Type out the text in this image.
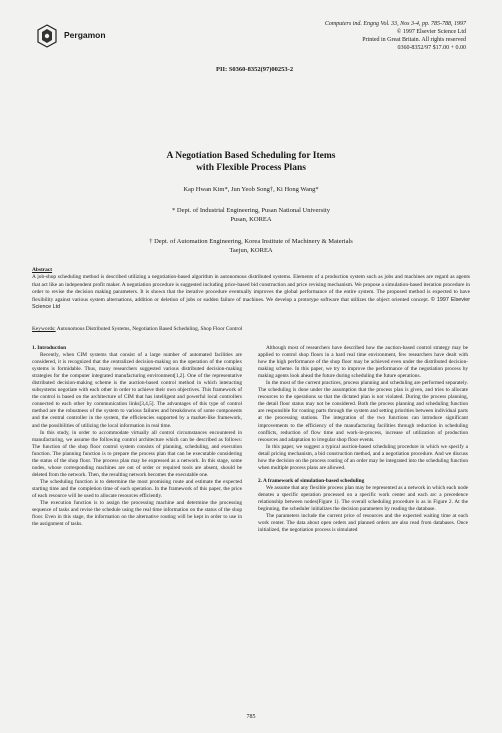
Pergamon
Computers ind. Engng Vol. 33, Nos 3-4, pp. 785-788, 1997
© 1997 Elsevier Science Ltd
Printed in Great Britain. All rights reserved
0360-8352/97 $17.00 + 0.00
PII: S0360-8352(97)00253-2
A Negotiation Based Scheduling for Items
with Flexible Process Plans
Kap Hwan Kim*, Jun Yeob Song†, Ki Hong Wang*
* Dept. of Industrial Engineering, Pusan National University
Pusan, KOREA
† Dept. of Automation Engineering, Korea Institute of Machinery & Materials
Taejun, KOREA
Abstract
A job-shop scheduling method is described utilizing a negotiation-based algorithm in autonomous distributed systems. Elements of a production system such as jobs and machines are regard as agents that act like an independent profit maker. A negotiation procedure is suggested including price-based bid construction and price revising mechanism. We propose a simulation-based iteration procedure in order to revise the decision making parameters. It is shown that the iterative procedure eventually improves the global performance of the entire system. The proposed method is expected to have flexibility against various system alternations, addition or deletion of jobs or sudden failure of machines. We develop a prototype software that utilizes the object oriented concept. © 1997 Elsevier Science Ltd
Keywords: Autonomous Distributed Systems, Negotiation Based Scheduling, Shop Floor Control

1. Introduction

Recently, when CIM systems that consist of a large number of automated facilities are considered, it is recognized that the centralized decision-making on the operation of the complex systems is formidable. Thus, many researchers suggested various distributed decision-making strategies for the computer integrated manufacturing environment[1,2]. One of the representative distributed decision-making scheme is the auction-based control method in which interacting subsystems negotiate with each other in order to achieve their own objectives. This framework of the control is based on the architecture of CIM that has intelligent and powerful local controllers connected to each other by communication links[3,4,5]. The advantages of this type of control method are the robustness of the system to various failures and breakdowns of some components and the central controller in the system, the efficiencies supported by a market-like framework, and the possibilities of utilizing the local information in real time.

In this study, in order to accommodate virtually all control circumstances encountered in manufacturing, we assume the following control architecture which can be described as follows: The function of the shop floor control system consists of planning, scheduling, and execution function. The planning function is to prepare the process plan that can be executable considering the status of the shop floor. The process plan may be expressed as a network. In this stage, some nodes, whose corresponding machines are out of order or required tools are absent, should be deleted from the network. Then, the resulting network becomes the executable one.

The scheduling function is to determine the most promising route and estimate the expected starting time and the completion time of each operation. In the framework of this paper, the price of each resource will be used to allocate resources efficiently.

The execution function is to assign the processing machine and determine the processing sequence of tasks and revise the schedule using the real time information on the status of the shop floor. Even in this stage, the information on the alternative routing will be kept in order to use in the assignment of tasks.

Although most of researchers have described how the auction-based control strategy may be applied to control shop floors in a hard real time environment, few researchers have dealt with how the high performance of the shop floor may be achieved even under the distributed decision-making scheme. In this paper, we try to improve the performance of the negotiation process by making agents look ahead the future during scheduling the future operations.

In the most of the current practices, process planning and scheduling are performed separately. The scheduling is done under the assumption that the process plan is given, and tries to allocate resources to the operations so that the dictated plan is not violated. During the process planning, the detail floor status may not be considered. Both the process planning and scheduling function are responsible for routing parts through the system and setting priorities between individual parts at the processing stations. The integration of the two functions can introduce significant improvements to the efficiency of the manufacturing facilities through reduction in scheduling conflicts, reduction of flow time and work-in-process, increase of utilization of production resources and adaptation to irregular shop floor events.

In this paper, we suggest a typical auction-based scheduling procedure in which we specify a detail pricing mechanism, a bid construction method, and a negotiation procedure. And we discuss how the decision on the process routing of an order may be integrated into the scheduling function when multiple process plans are allowed.

2. A framework of simulation-based scheduling

We assume that any flexible process plan may be represented as a network in which each node denotes a specific operation processed on a specific work center and each arc a precedence relationship between nodes(Figure 1). The overall scheduling procedure is as in Figure 2. At the beginning, the scheduler initializes the decision parameters by reading the database.

The parameters include the current price of resources and the expected waiting time at each work center. The data about open orders and planned orders are also read from databases. Once initialized, the negotiation process is simulated

785
